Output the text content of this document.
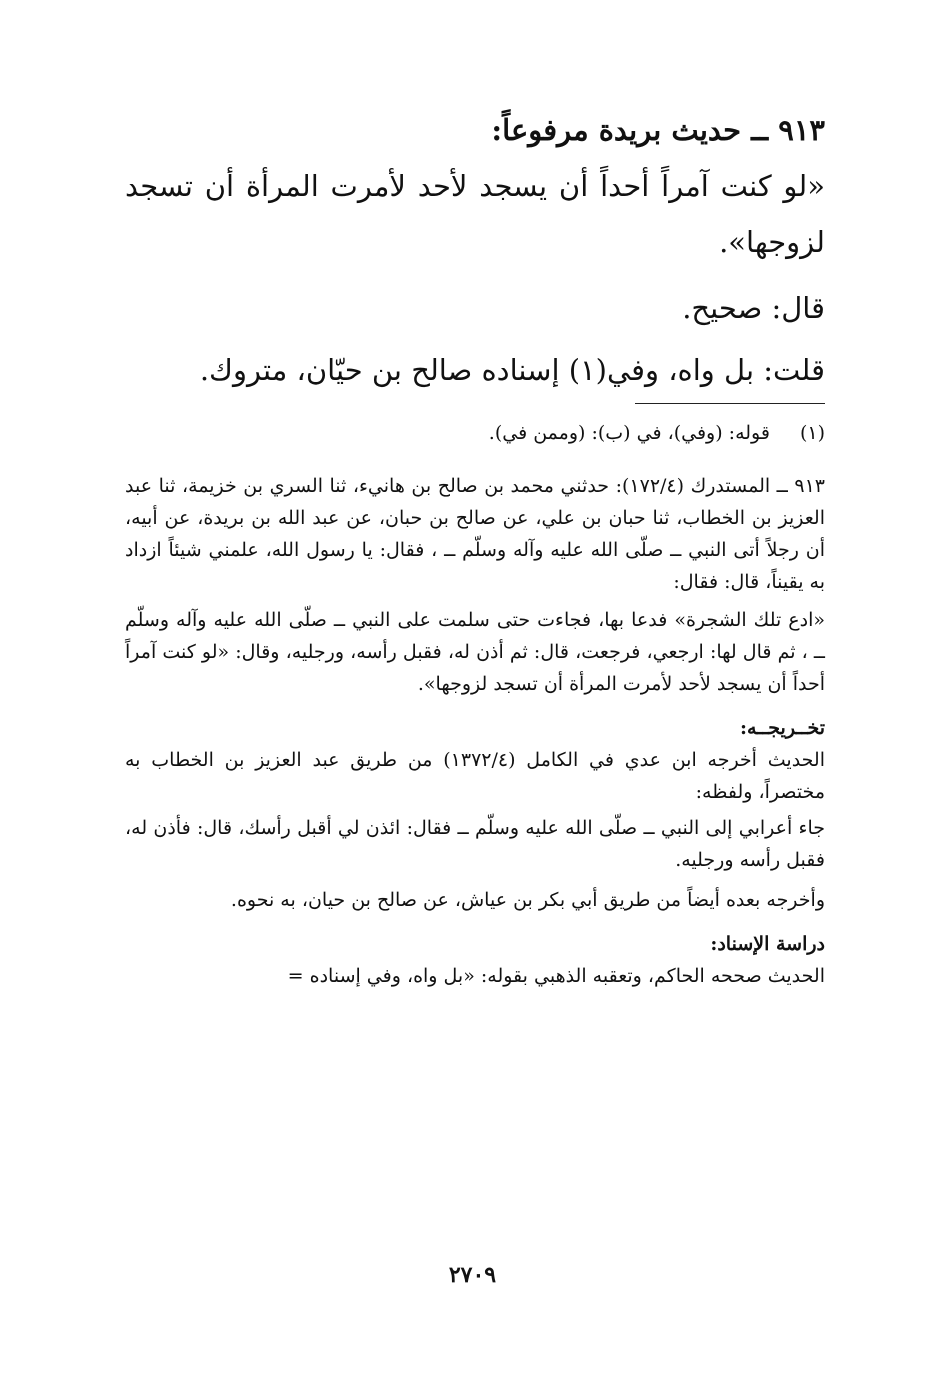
٩١٣ ــ حديث بريدة مرفوعاً:

«لو كنت آمراً أحداً أن يسجد لأحد لأمرت المرأة أن تسجد لزوجها».

قال: صحيح.

قلت: بل واه، وفي(١) إسناده صالح بن حيّان، متروك.

(١)
قوله: (وفي)، في (ب): (وممن في).

٩١٣ ــ المستدرك (١٧٢/٤): حدثني محمد بن صالح بن هانيء، ثنا السري بن خزيمة، ثنا عبد العزيز بن الخطاب، ثنا حبان بن علي، عن صالح بن حبان، عن عبد الله بن بريدة، عن أبيه، أن رجلاً أتى النبي ــ صلّى الله عليه وآله وسلّم ــ ، فقال: يا رسول الله، علمني شيئاً ازداد به يقيناً، قال: فقال:

«ادع تلك الشجرة» فدعا بها، فجاءت حتى سلمت على النبي ــ صلّى الله عليه وآله وسلّم ــ ، ثم قال لها: ارجعي، فرجعت، قال: ثم أذن له، فقبل رأسه، ورجليه، وقال: «لو كنت آمراً أحداً أن يسجد لأحد لأمرت المرأة أن تسجد لزوجها».

تخــريجــه:

الحديث أخرجه ابن عدي في الكامل (١٣٧٢/٤) من طريق عبد العزيز بن الخطاب به مختصراً، ولفظه:

جاء أعرابي إلى النبي ــ صلّى الله عليه وسلّم ــ فقال: ائذن لي أقبل رأسك، قال: فأذن له، فقبل رأسه ورجليه.

وأخرجه بعده أيضاً من طريق أبي بكر بن عياش، عن صالح بن حيان، به نحوه.

دراسة الإسناد:

الحديث صححه الحاكم، وتعقبه الذهبي بقوله: «بل واه، وفي إسناده =

٢٧٠٩
